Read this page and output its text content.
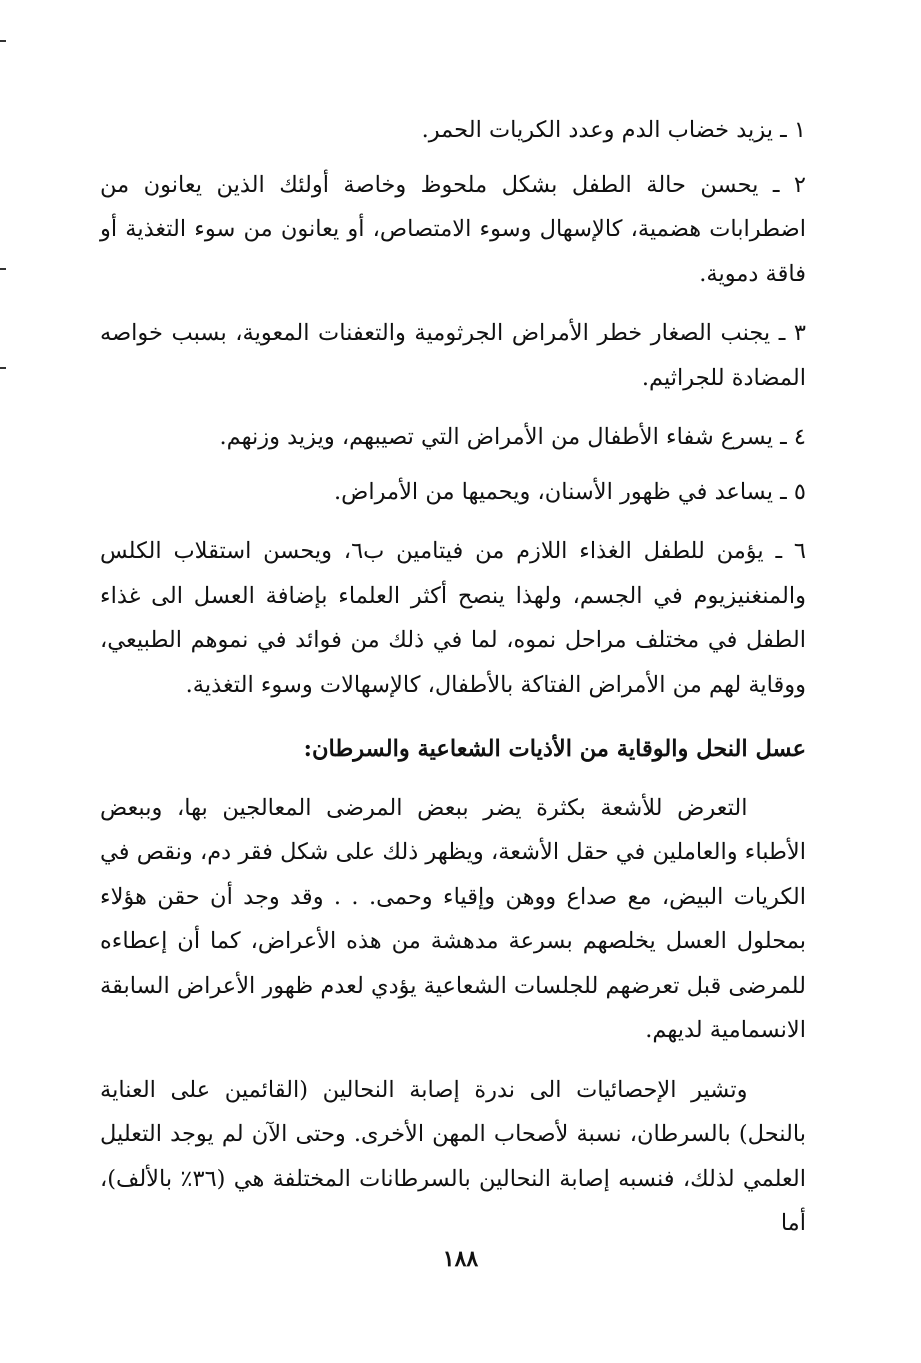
١ ـ يزيد خضاب الدم وعدد الكريات الحمر.

٢ ـ يحسن حالة الطفل بشكل ملحوظ وخاصة أولئك الذين يعانون من اضطرابات هضمية، كالإسهال وسوء الامتصاص، أو يعانون من سوء التغذية أو فاقة دموية.

٣ ـ يجنب الصغار خطر الأمراض الجرثومية والتعفنات المعوية، بسبب خواصه المضادة للجراثيم.

٤ ـ يسرع شفاء الأطفال من الأمراض التي تصيبهم، ويزيد وزنهم.

٥ ـ يساعد في ظهور الأسنان، ويحميها من الأمراض.

٦ ـ يؤمن للطفل الغذاء اللازم من فيتامين ب٦، ويحسن استقلاب الكلس والمنغنيزيوم في الجسم، ولهذا ينصح أكثر العلماء بإضافة العسل الى غذاء الطفل في مختلف مراحل نموه، لما في ذلك من فوائد في نموهم الطبيعي، ووقاية لهم من الأمراض الفتاكة بالأطفال، كالإسهالات وسوء التغذية.

عسل النحل والوقاية من الأذيات الشعاعية والسرطان:

التعرض للأشعة بكثرة يضر ببعض المرضى المعالجين بها، وببعض الأطباء والعاملين في حقل الأشعة، ويظهر ذلك على شكل فقر دم، ونقص في الكريات البيض، مع صداع ووهن وإقياء وحمى. . . وقد وجد أن حقن هؤلاء بمحلول العسل يخلصهم بسرعة مدهشة من هذه الأعراض، كما أن إعطاءه للمرضى قبل تعرضهم للجلسات الشعاعية يؤدي لعدم ظهور الأعراض السابقة الانسمامية لديهم.

وتشير الإحصائيات الى ندرة إصابة النحالين (القائمين على العناية بالنحل) بالسرطان، نسبة لأصحاب المهن الأخرى. وحتى الآن لم يوجد التعليل العلمي لذلك، فنسبه إصابة النحالين بالسرطانات المختلفة هي (٣٦٪ بالألف)، أما

١٨٨
